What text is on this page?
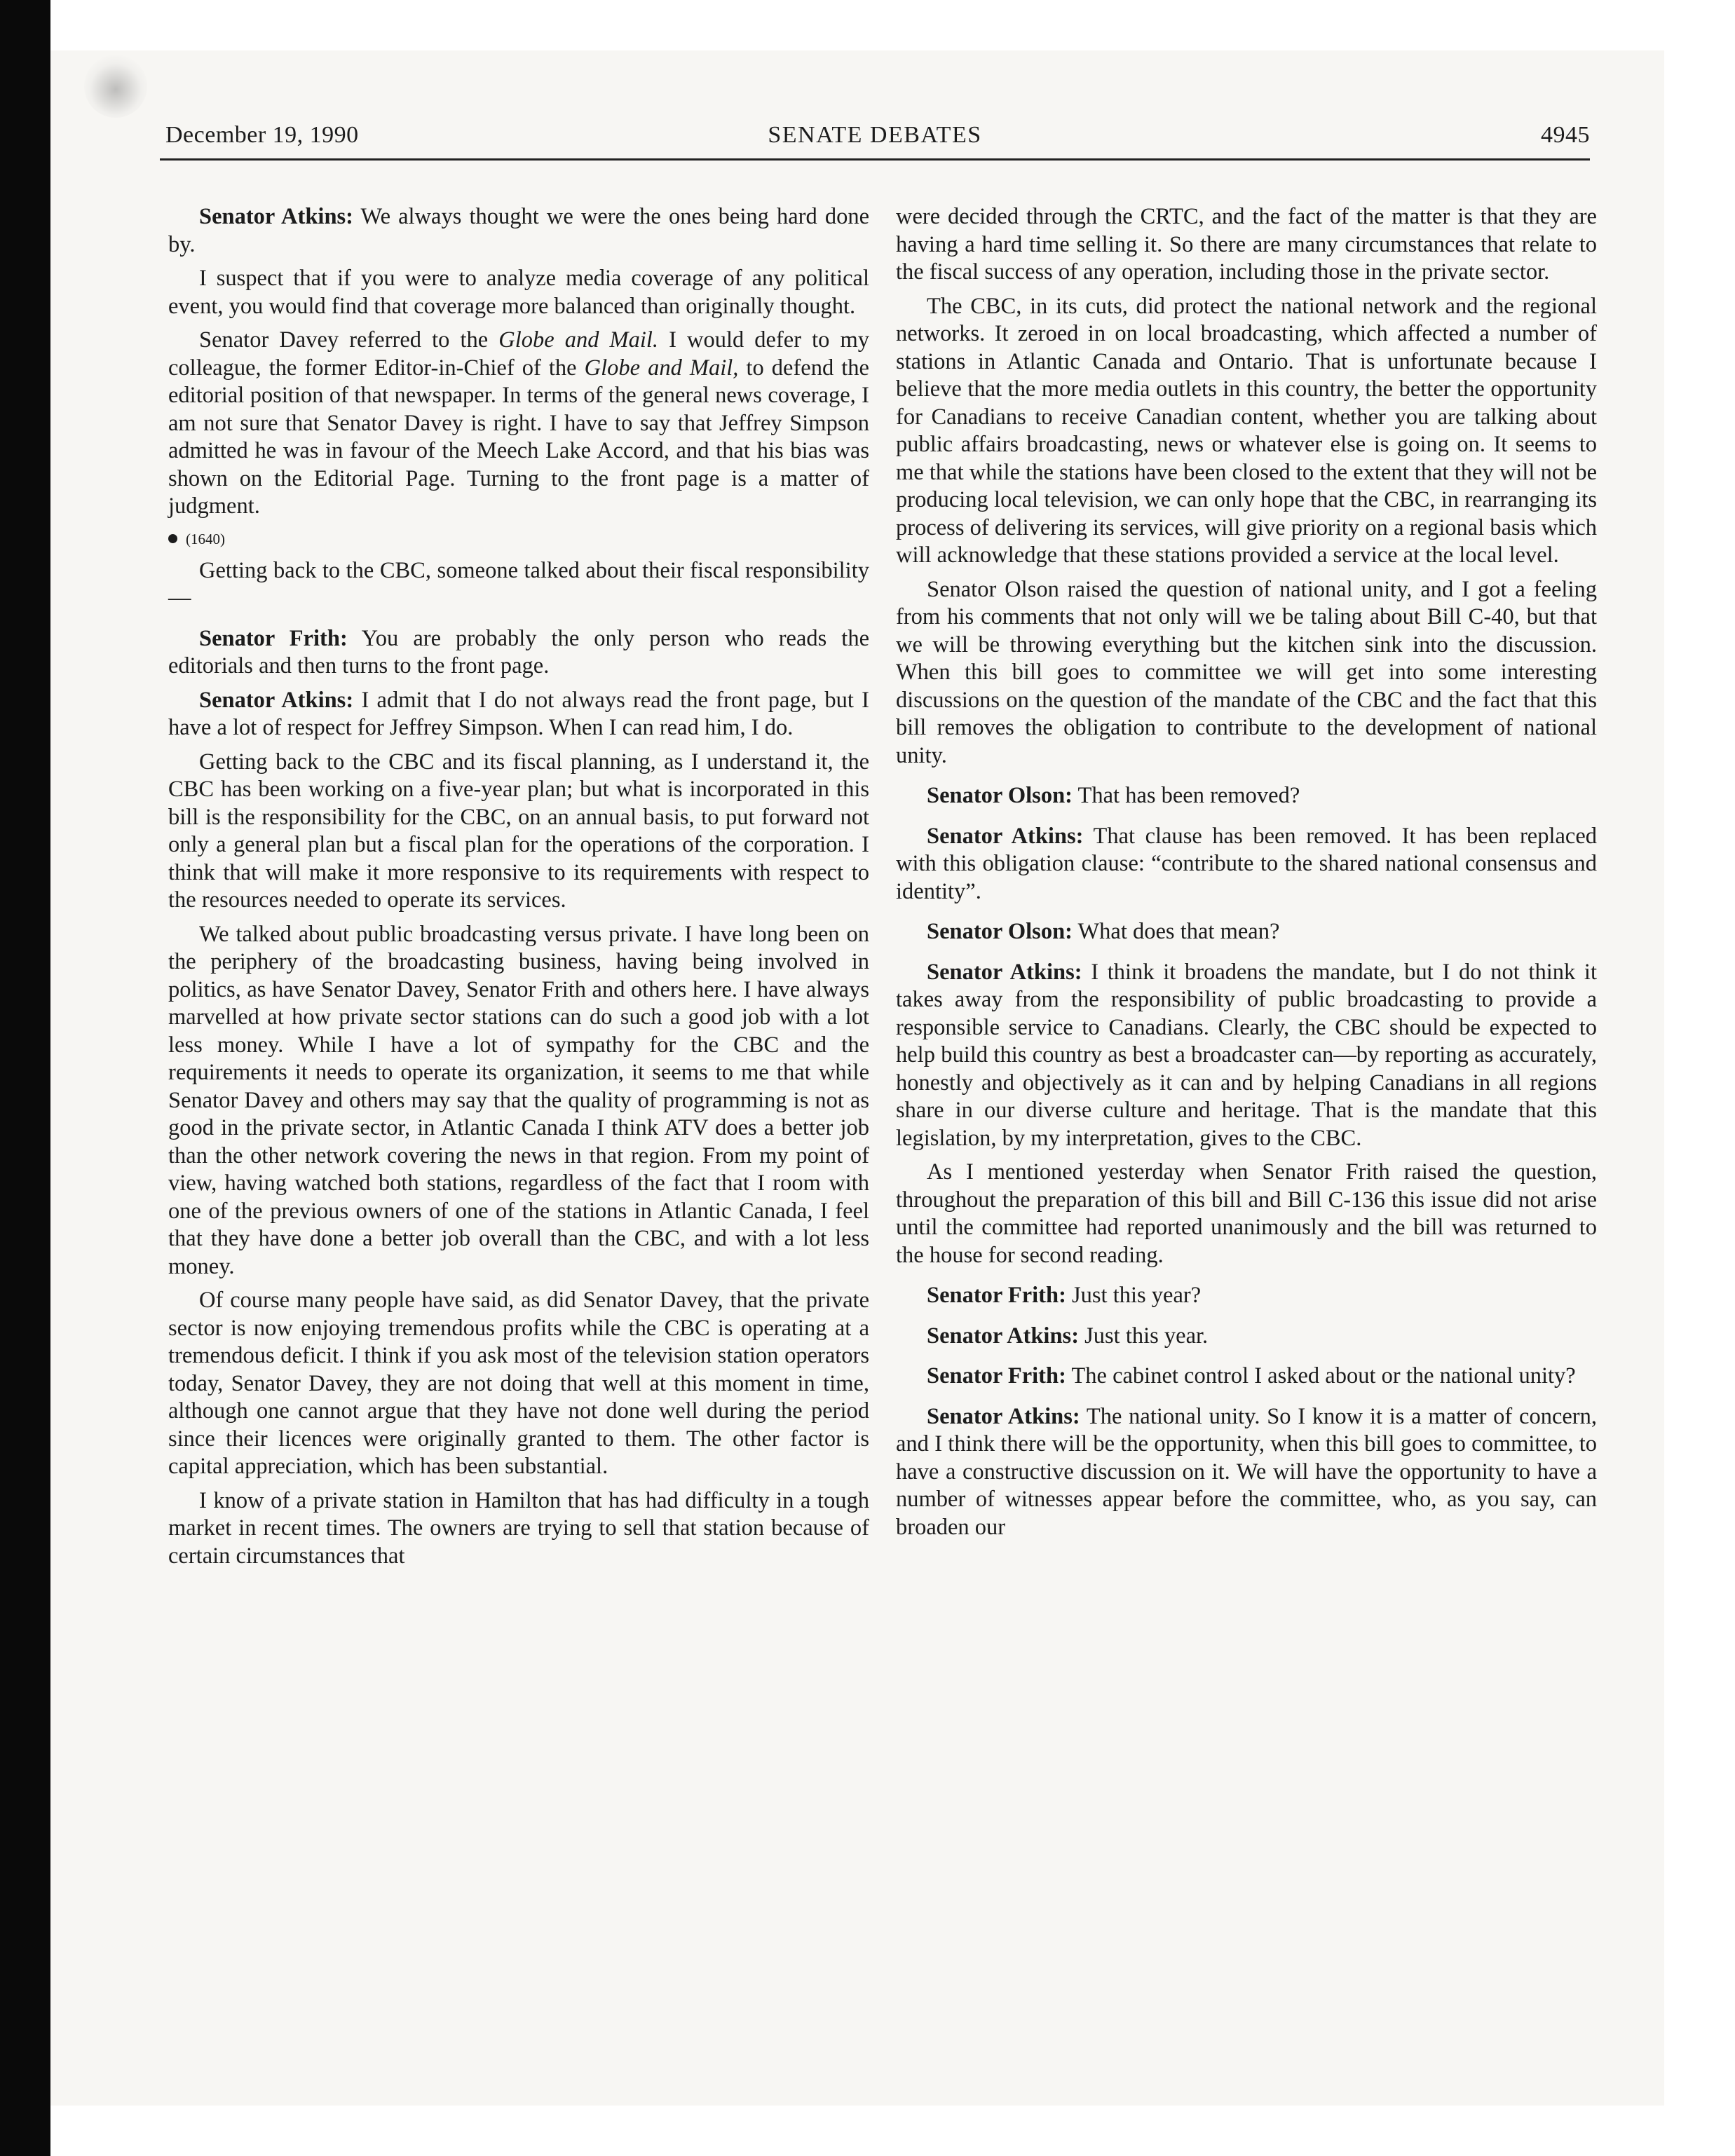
December 19, 1990	SENATE DEBATES	4945

Senator Atkins: We always thought we were the ones being hard done by.

I suspect that if you were to analyze media coverage of any political event, you would find that coverage more balanced than originally thought.

Senator Davey referred to the Globe and Mail. I would defer to my colleague, the former Editor-in-Chief of the Globe and Mail, to defend the editorial position of that newspaper. In terms of the general news coverage, I am not sure that Senator Davey is right. I have to say that Jeffrey Simpson admitted he was in favour of the Meech Lake Accord, and that his bias was shown on the Editorial Page. Turning to the front page is a matter of judgment.

(1640)

Getting back to the CBC, someone talked about their fiscal responsibility—

Senator Frith: You are probably the only person who reads the editorials and then turns to the front page.

Senator Atkins: I admit that I do not always read the front page, but I have a lot of respect for Jeffrey Simpson. When I can read him, I do.

Getting back to the CBC and its fiscal planning, as I understand it, the CBC has been working on a five-year plan; but what is incorporated in this bill is the responsibility for the CBC, on an annual basis, to put forward not only a general plan but a fiscal plan for the operations of the corporation. I think that will make it more responsive to its requirements with respect to the resources needed to operate its services.

We talked about public broadcasting versus private. I have long been on the periphery of the broadcasting business, having being involved in politics, as have Senator Davey, Senator Frith and others here. I have always marvelled at how private sector stations can do such a good job with a lot less money. While I have a lot of sympathy for the CBC and the requirements it needs to operate its organization, it seems to me that while Senator Davey and others may say that the quality of programming is not as good in the private sector, in Atlantic Canada I think ATV does a better job than the other network covering the news in that region. From my point of view, having watched both stations, regardless of the fact that I room with one of the previous owners of one of the stations in Atlantic Canada, I feel that they have done a better job overall than the CBC, and with a lot less money.

Of course many people have said, as did Senator Davey, that the private sector is now enjoying tremendous profits while the CBC is operating at a tremendous deficit. I think if you ask most of the television station operators today, Senator Davey, they are not doing that well at this moment in time, although one cannot argue that they have not done well during the period since their licences were originally granted to them. The other factor is capital appreciation, which has been substantial.

I know of a private station in Hamilton that has had difficulty in a tough market in recent times. The owners are trying to sell that station because of certain circumstances that

were decided through the CRTC, and the fact of the matter is that they are having a hard time selling it. So there are many circumstances that relate to the fiscal success of any operation, including those in the private sector.

The CBC, in its cuts, did protect the national network and the regional networks. It zeroed in on local broadcasting, which affected a number of stations in Atlantic Canada and Ontario. That is unfortunate because I believe that the more media outlets in this country, the better the opportunity for Canadians to receive Canadian content, whether you are talking about public affairs broadcasting, news or whatever else is going on. It seems to me that while the stations have been closed to the extent that they will not be producing local television, we can only hope that the CBC, in rearranging its process of delivering its services, will give priority on a regional basis which will acknowledge that these stations provided a service at the local level.

Senator Olson raised the question of national unity, and I got a feeling from his comments that not only will we be taling about Bill C-40, but that we will be throwing everything but the kitchen sink into the discussion. When this bill goes to committee we will get into some interesting discussions on the question of the mandate of the CBC and the fact that this bill removes the obligation to contribute to the development of national unity.

Senator Olson: That has been removed?

Senator Atkins: That clause has been removed. It has been replaced with this obligation clause: “contribute to the shared national consensus and identity”.

Senator Olson: What does that mean?

Senator Atkins: I think it broadens the mandate, but I do not think it takes away from the responsibility of public broadcasting to provide a responsible service to Canadians. Clearly, the CBC should be expected to help build this country as best a broadcaster can—by reporting as accurately, honestly and objectively as it can and by helping Canadians in all regions share in our diverse culture and heritage. That is the mandate that this legislation, by my interpretation, gives to the CBC.

As I mentioned yesterday when Senator Frith raised the question, throughout the preparation of this bill and Bill C-136 this issue did not arise until the committee had reported unanimously and the bill was returned to the house for second reading.

Senator Frith: Just this year?

Senator Atkins: Just this year.

Senator Frith: The cabinet control I asked about or the national unity?

Senator Atkins: The national unity. So I know it is a matter of concern, and I think there will be the opportunity, when this bill goes to committee, to have a constructive discussion on it. We will have the opportunity to have a number of witnesses appear before the committee, who, as you say, can broaden our
